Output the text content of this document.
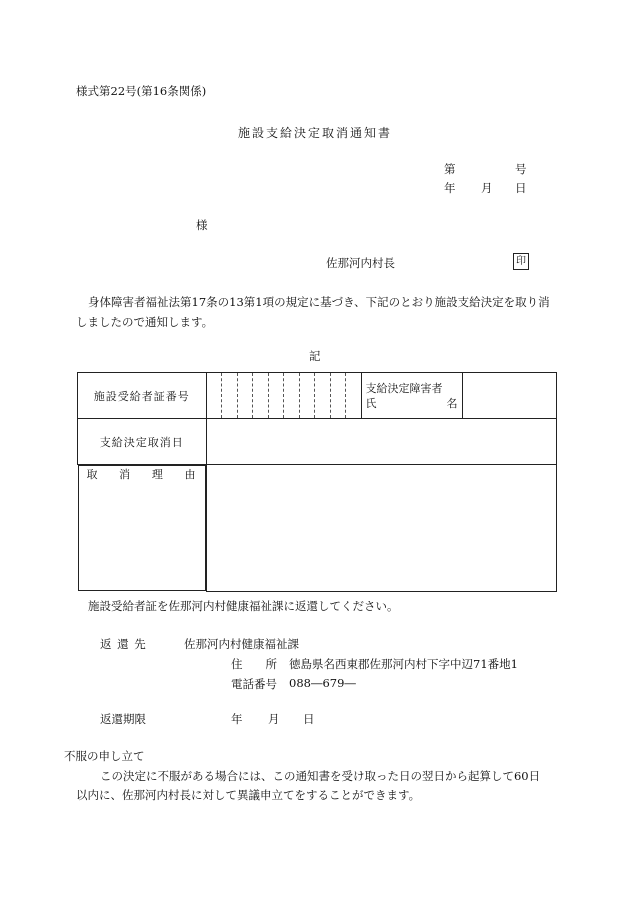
様式第22号(第16条関係)
施設支給決定取消通知書
第	号
年 月 日
様
佐那河内村長	印
身体障害者福祉法第17条の13第1項の規定に基づき、下記のとおり施設支給決定を取り消しましたので通知します。
記
施設受給者証番号		支給決定障害者
氏 名	

支給決定取消日			

取 消 理 由
施設受給者証を佐那河内村健康福祉課に返還してください。
返 還 先	佐那河内村健康福祉課
住　　所 徳島県名西東郡佐那河内村下字中辺71番地1
電話番号 088―679―
返還期限	年 月 日
不服の申し立て
この決定に不服がある場合には、この通知書を受け取った日の翌日から起算して60日
以内に、佐那河内村長に対して異議申立てをすることができます。
